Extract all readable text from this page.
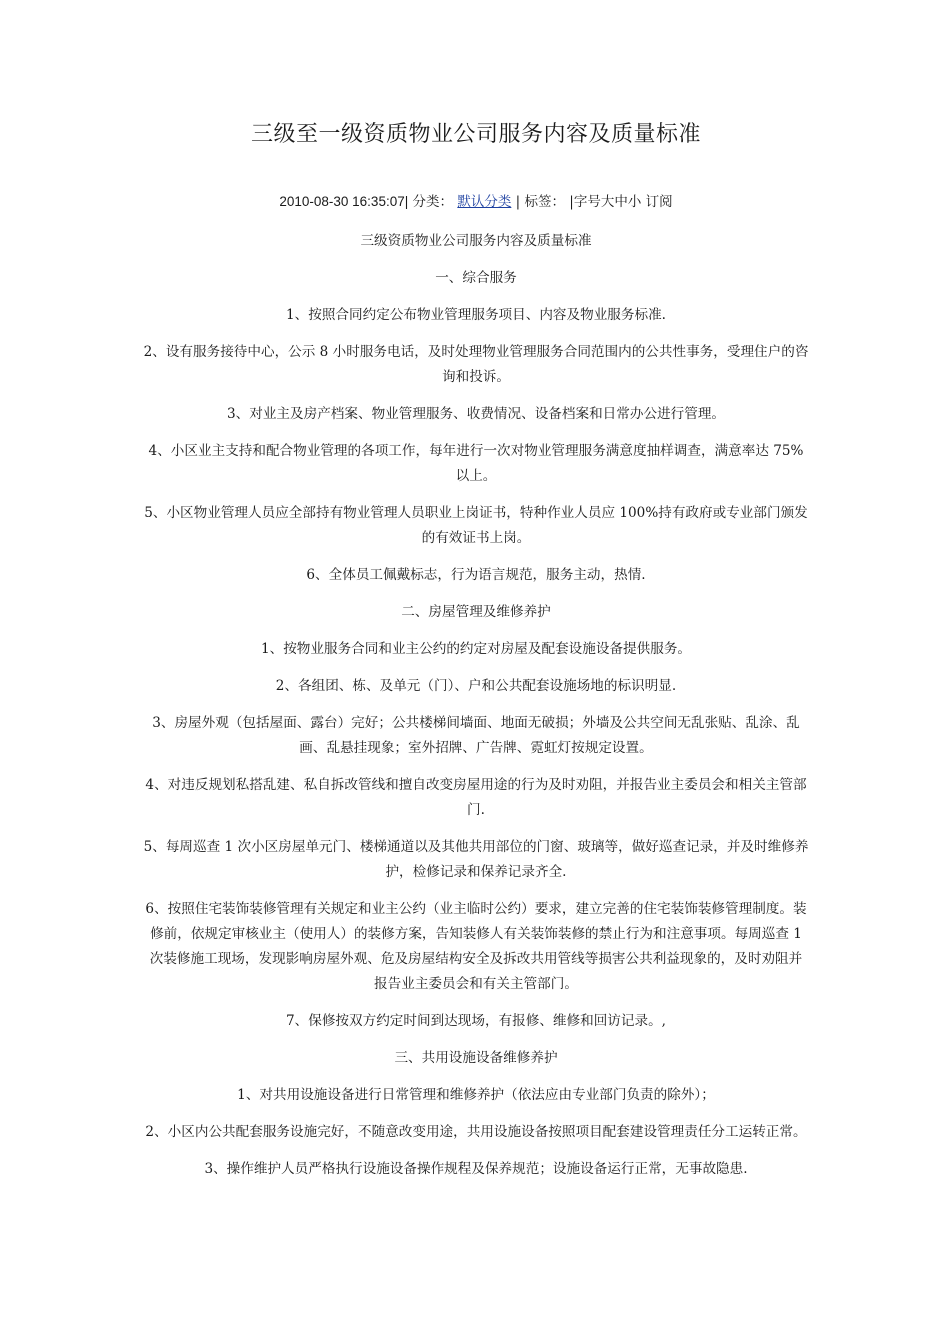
三级至一级资质物业公司服务内容及质量标准
2010-08-30 16:35:07| 分类： 默认分类 | 标签： |字号大中小 订阅

三级资质物业公司服务内容及质量标准

一、综合服务

1、按照合同约定公布物业管理服务项目、内容及物业服务标准.

2、设有服务接待中心，公示 8 小时服务电话，及时处理物业管理服务合同范围内的公共性事务，受理住户的咨询和投诉。

3、对业主及房产档案、物业管理服务、收费情况、设备档案和日常办公进行管理。

4、小区业主支持和配合物业管理的各项工作，每年进行一次对物业管理服务满意度抽样调查，满意率达 75%以上。

5、小区物业管理人员应全部持有物业管理人员职业上岗证书，特种作业人员应 100%持有政府或专业部门颁发的有效证书上岗。

6、全体员工佩戴标志，行为语言规范，服务主动，热情.

二、房屋管理及维修养护

1、按物业服务合同和业主公约的约定对房屋及配套设施设备提供服务。

2、各组团、栋、及单元（门）、户和公共配套设施场地的标识明显.

3、房屋外观（包括屋面、露台）完好；公共楼梯间墙面、地面无破损；外墙及公共空间无乱张贴、乱涂、乱画、乱悬挂现象；室外招牌、广告牌、霓虹灯按规定设置。

4、对违反规划私搭乱建、私自拆改管线和擅自改变房屋用途的行为及时劝阻，并报告业主委员会和相关主管部门.

5、每周巡查 1 次小区房屋单元门、楼梯通道以及其他共用部位的门窗、玻璃等，做好巡查记录，并及时维修养护，检修记录和保养记录齐全.

6、按照住宅装饰装修管理有关规定和业主公约（业主临时公约）要求，建立完善的住宅装饰装修管理制度。装修前，依规定审核业主（使用人）的装修方案，告知装修人有关装饰装修的禁止行为和注意事项。每周巡查 1 次装修施工现场，发现影响房屋外观、危及房屋结构安全及拆改共用管线等损害公共利益现象的，及时劝阻并报告业主委员会和有关主管部门。

7、保修按双方约定时间到达现场，有报修、维修和回访记录。,

三、共用设施设备维修养护

1、对共用设施设备进行日常管理和维修养护（依法应由专业部门负责的除外）；

2、小区内公共配套服务设施完好，不随意改变用途，共用设施设备按照项目配套建设管理责任分工运转正常。

3、操作维护人员严格执行设施设备操作规程及保养规范；设施设备运行正常，无事故隐患.
